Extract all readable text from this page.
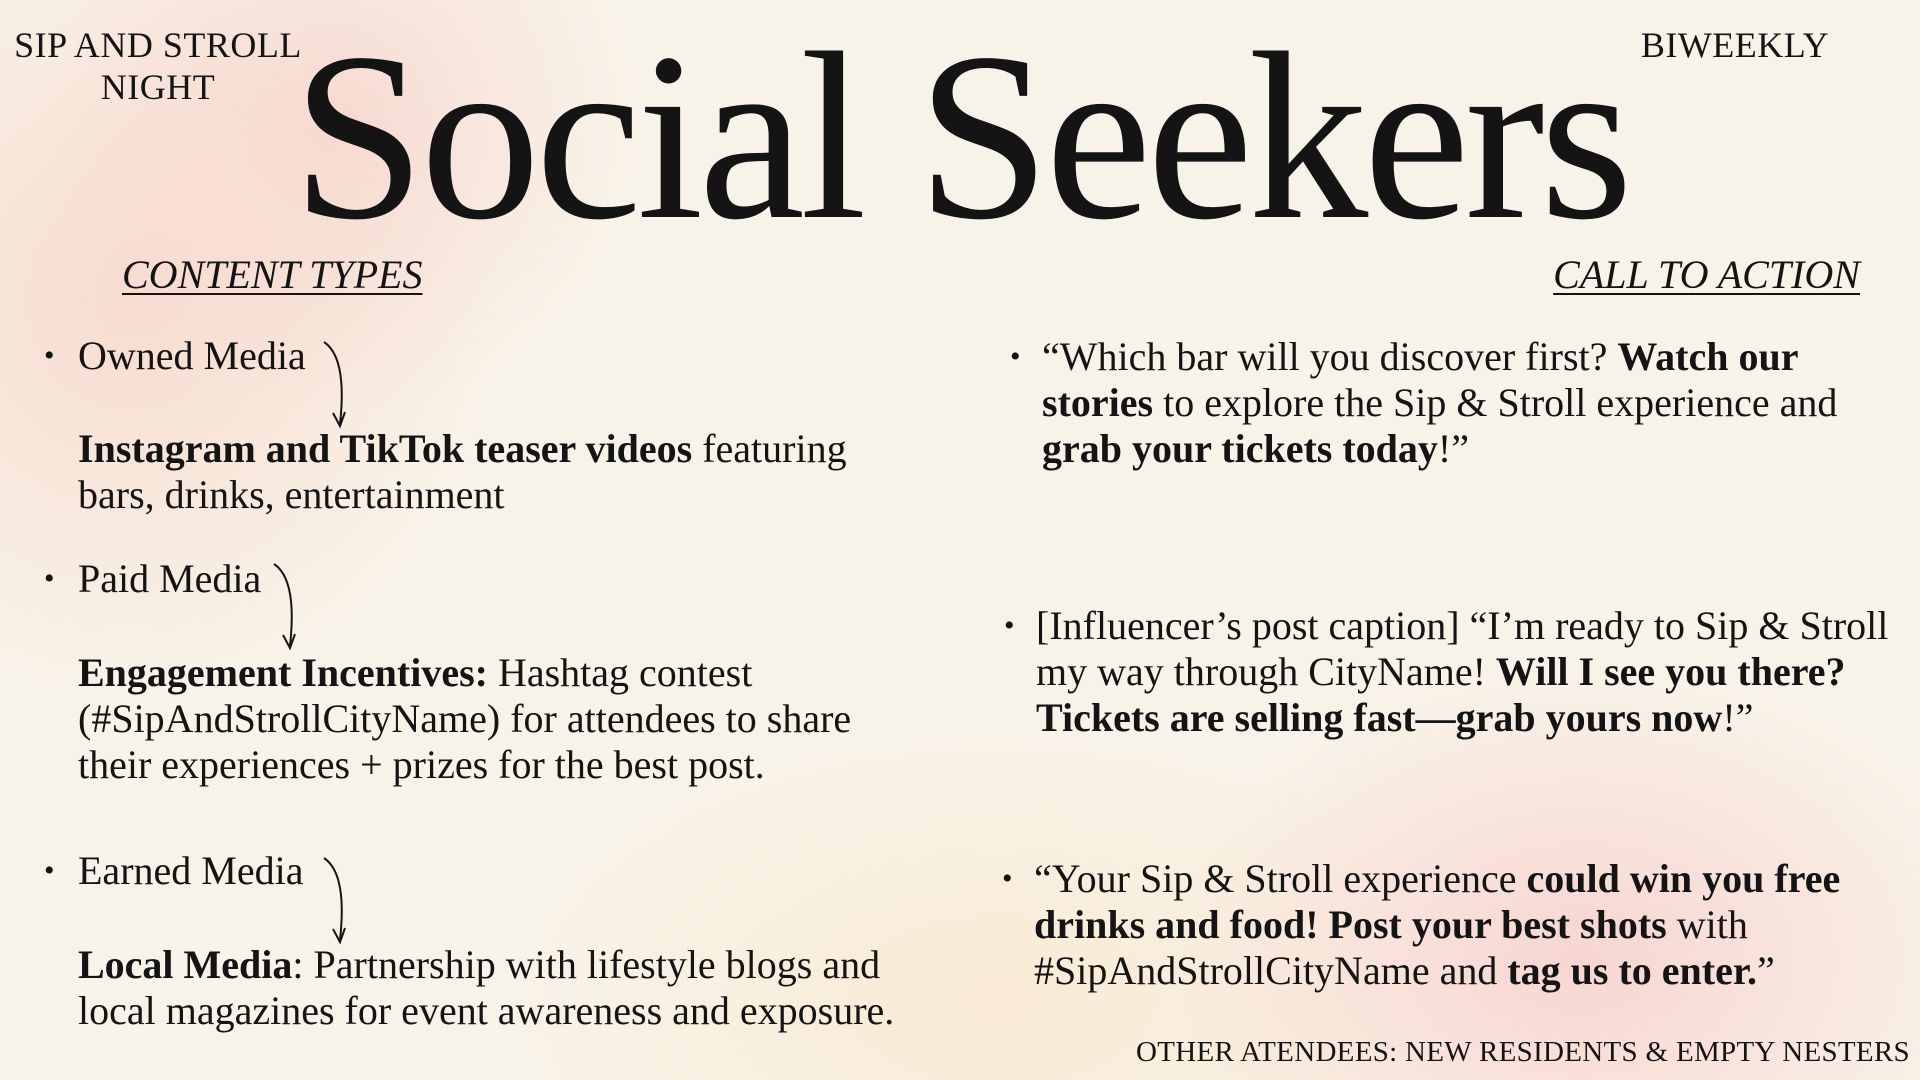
SIP AND STROLL
NIGHT
BIWEEKLY
Social Seekers
CONTENT TYPES	CALL TO ACTION
• Owned Media
Instagram and TikTok teaser videos featuring bars, drinks, entertainment
• Paid Media
Engagement Incentives: Hashtag contest (#SipAndStrollCityName) for attendees to share their experiences + prizes for the best post.
• Earned Media
Local Media: Partnership with lifestyle blogs and local magazines for event awareness and exposure.
• “Which bar will you discover first? Watch our stories to explore the Sip & Stroll experience and grab your tickets today!”
• [Influencer’s post caption] “I’m ready to Sip & Stroll my way through CityName! Will I see you there? Tickets are selling fast—grab yours now!”
• “Your Sip & Stroll experience could win you free drinks and food! Post your best shots with #SipAndStrollCityName and tag us to enter.”
OTHER ATENDEES: NEW RESIDENTS & EMPTY NESTERS
